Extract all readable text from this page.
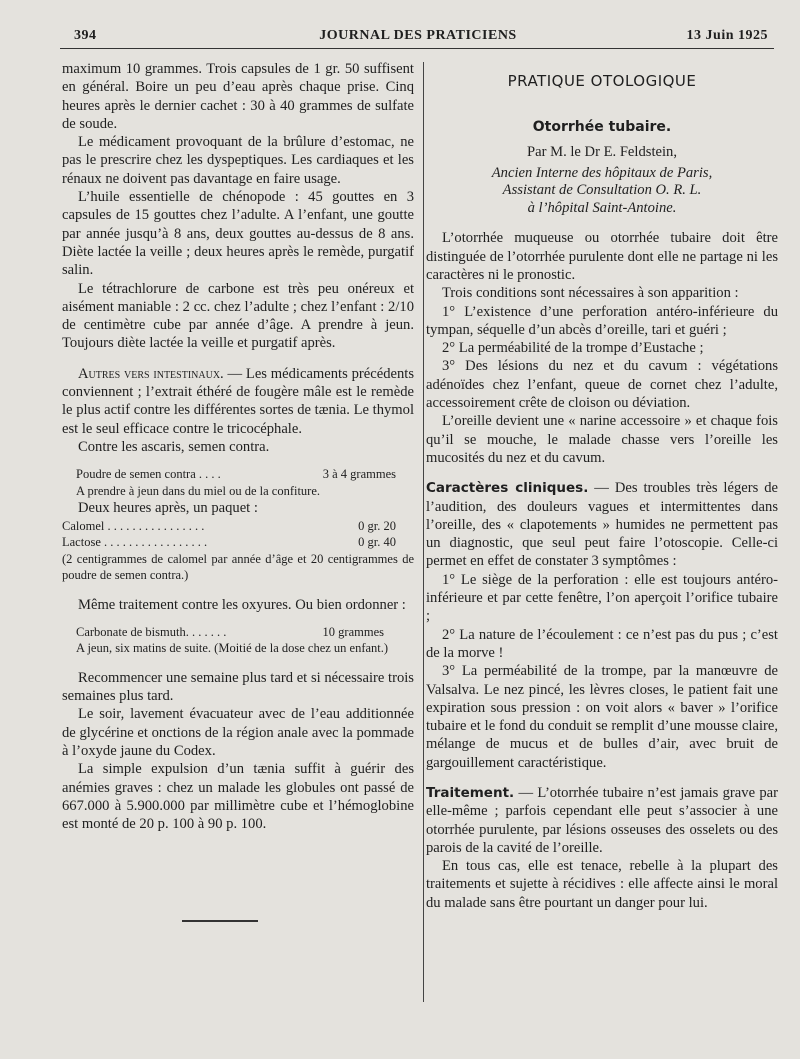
394	JOURNAL DES PRATICIENS	13 Juin 1925

maximum 10 grammes. Trois capsules de 1 gr. 50 suffisent en général. Boire un peu d’eau après chaque prise. Cinq heures après le dernier cachet : 30 à 40 grammes de sulfate de soude.

Le médicament provoquant de la brûlure d’estomac, ne pas le prescrire chez les dyspeptiques. Les cardiaques et les rénaux ne doivent pas davantage en faire usage.

L’huile essentielle de chénopode : 45 gouttes en 3 capsules de 15 gouttes chez l’adulte. A l’enfant, une goutte par année jusqu’à 8 ans, deux gouttes au-dessus de 8 ans. Diète lactée la veille ; deux heures après le remède, purgatif salin.

Le tétrachlorure de carbone est très peu onéreux et aisément maniable : 2 cc. chez l’adulte ; chez l’enfant : 2/10 de centimètre cube par année d’âge. A prendre à jeun. Toujours diète lactée la veille et purgatif après.

Autres vers intestinaux. — Les médicaments précédents conviennent ; l’extrait éthéré de fougère mâle est le remède le plus actif contre les différentes sortes de tænia. Le thymol est le seul efficace contre le tricocéphale.

Contre les ascaris, semen contra.

Poudre de semen contra . . . .	3 à 4 grammes
A prendre à jeun dans du miel ou de la confiture.

Deux heures après, un paquet :

Calomel . . . . . . . . . . . . . . . .	0 gr. 20
Lactose . . . . . . . . . . . . . . . . .	0 gr. 40
(2 centigrammes de calomel par année d’âge et 20 centigrammes de poudre de semen contra.)

Même traitement contre les oxyures. Ou bien ordonner :

Carbonate de bismuth. . . . . . .	10 grammes
A jeun, six matins de suite. (Moitié de la dose chez un enfant.)

Recommencer une semaine plus tard et si nécessaire trois semaines plus tard.

Le soir, lavement évacuateur avec de l’eau additionnée de glycérine et onctions de la région anale avec la pommade à l’oxyde jaune du Codex.

La simple expulsion d’un tænia suffit à guérir des anémies graves : chez un malade les globules ont passé de 667.000 à 5.900.000 par millimètre cube et l’hémoglobine est monté de 20 p. 100 à 90 p. 100.

PRATIQUE OTOLOGIQUE
Otorrhée tubaire.
Par M. le Dr E. Feldstein,
Ancien Interne des hôpitaux de Paris,
Assistant de Consultation O. R. L.
à l’hôpital Saint-Antoine.

L’otorrhée muqueuse ou otorrhée tubaire doit être distinguée de l’otorrhée purulente dont elle ne partage ni les caractères ni le pronostic.

Trois conditions sont nécessaires à son apparition :

1° L’existence d’une perforation antéro-inférieure du tympan, séquelle d’un abcès d’oreille, tari et guéri ;

2° La perméabilité de la trompe d’Eustache ;

3° Des lésions du nez et du cavum : végétations adénoïdes chez l’enfant, queue de cornet chez l’adulte, accessoirement crête de cloison ou déviation.

L’oreille devient une « narine accessoire » et chaque fois qu’il se mouche, le malade chasse vers l’oreille les mucosités du nez et du cavum.

Caractères cliniques. — Des troubles très légers de l’audition, des douleurs vagues et intermittentes dans l’oreille, des « clapotements » humides ne permettent pas un diagnostic, que seul peut faire l’otoscopie. Celle-ci permet en effet de constater 3 symptômes :

1° Le siège de la perforation : elle est toujours antéro-inférieure et par cette fenêtre, l’on aperçoit l’orifice tubaire ;

2° La nature de l’écoulement : ce n’est pas du pus ; c’est de la morve !

3° La perméabilité de la trompe, par la manœuvre de Valsalva. Le nez pincé, les lèvres closes, le patient fait une expiration sous pression : on voit alors « baver » l’orifice tubaire et le fond du conduit se remplit d’une mousse claire, mélange de mucus et de bulles d’air, avec bruit de gargouillement caractéristique.

Traitement. — L’otorrhée tubaire n’est jamais grave par elle-même ; parfois cependant elle peut s’associer à une otorrhée purulente, par lésions osseuses des osselets ou des parois de la cavité de l’oreille.

En tous cas, elle est tenace, rebelle à la plupart des traitements et sujette à récidives : elle affecte ainsi le moral du malade sans être pourtant un danger pour lui.
